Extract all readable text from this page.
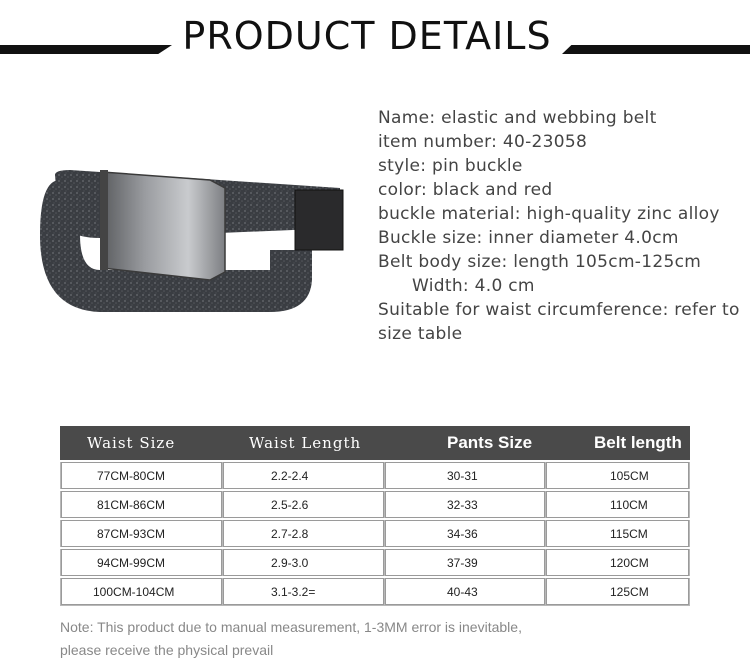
PRODUCT DETAILS
Name: elastic and webbing belt
item number: 40-23058
style: pin buckle
color: black and red
buckle material: high-quality zinc alloy
Buckle size: inner diameter 4.0cm
Belt body size: length 105cm-125cm
Width: 4.0 cm
Suitable for waist circumference: refer to size table
Waist Size	Waist Length	Pants Size	Belt length
77CM-80CM	2.2-2.4	30-31	105CM
81CM-86CM	2.5-2.6	32-33	110CM
87CM-93CM	2.7-2.8	34-36	115CM
94CM-99CM	2.9-3.0	37-39	120CM
100CM-104CM	3.1-3.2=	40-43	125CM
Note: This product due to manual measurement, 1-3MM error is inevitable,
please receive the physical prevail
